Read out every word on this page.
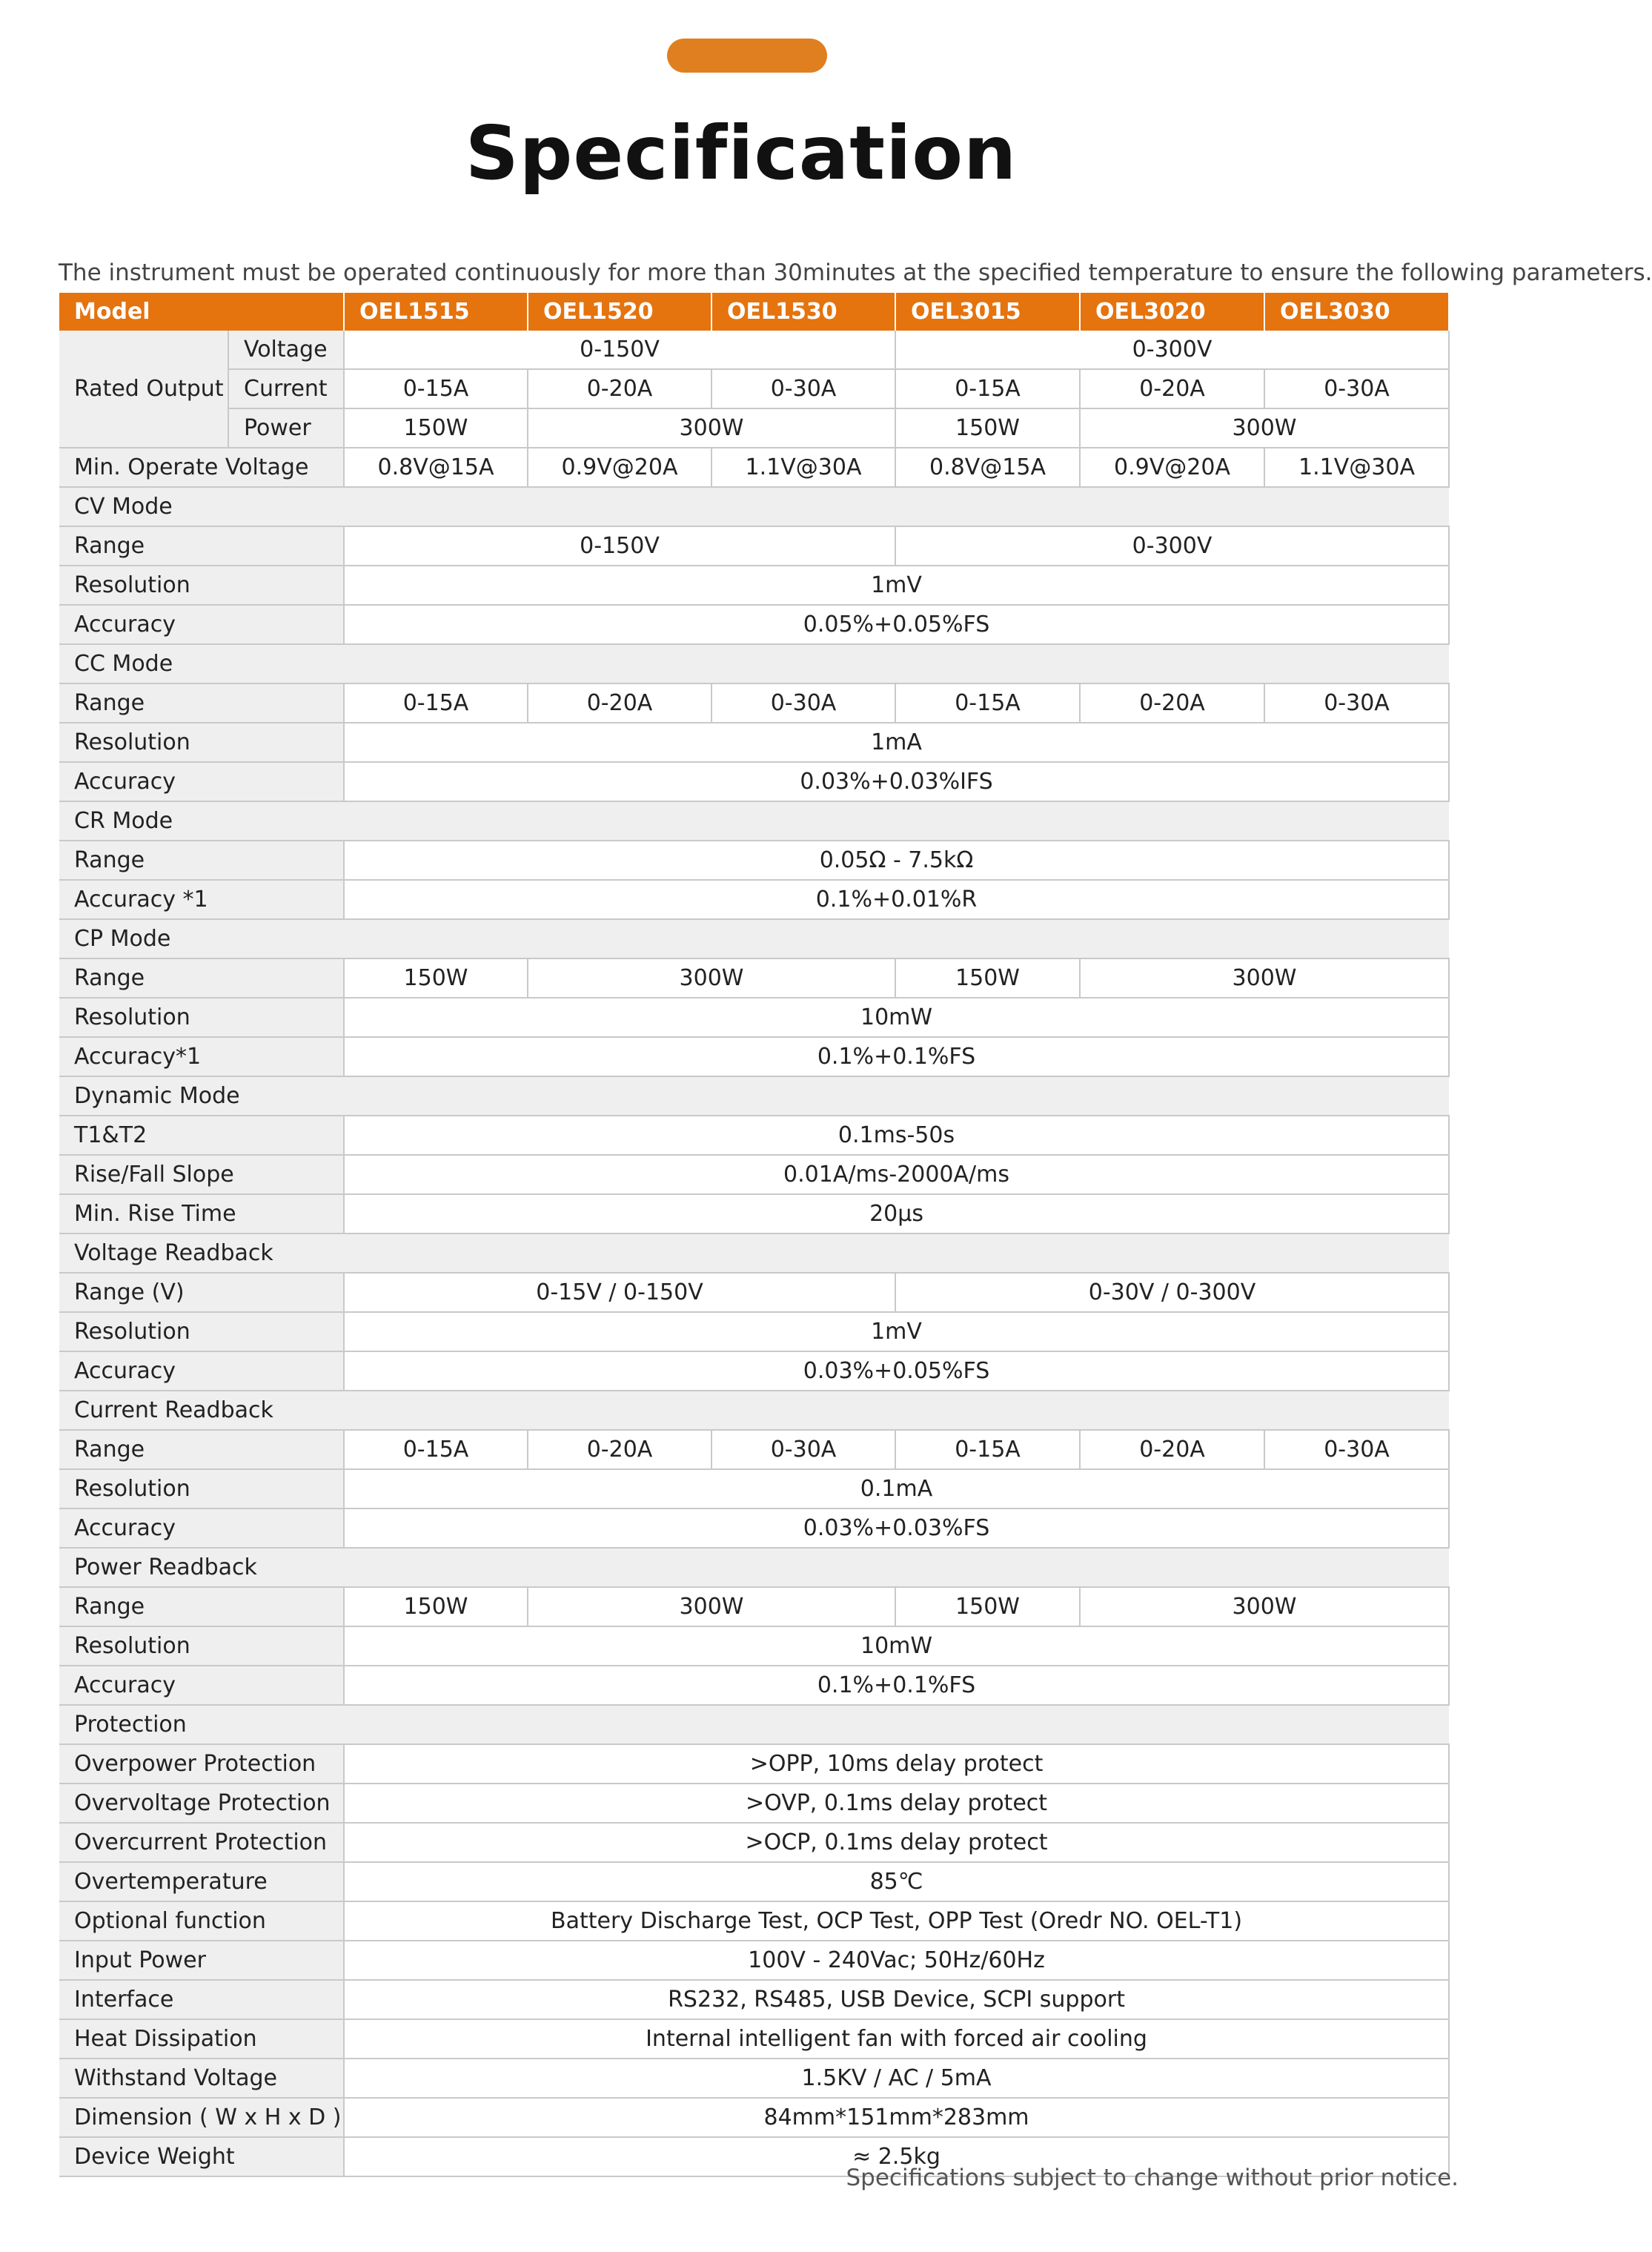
Specification
The instrument must be operated continuously for more than 30minutes at the specified temperature to ensure the following parameters.
Model		OEL1515	OEL1520	OEL1530	OEL3015	OEL3020	OEL3030
Rated Output	Voltage	0-150V			0-300V		
	Current	0-15A	0-20A	0-30A	0-15A	0-20A	0-30A
	Power	150W	300W		150W	300W	
Min. Operate Voltage		0.8V@15A	0.9V@20A	1.1V@30A	0.8V@15A	0.9V@20A	1.1V@30A
CV Mode							
Range		0-150V			0-300V		
Resolution		1mV					
Accuracy		0.05%+0.05%FS					
CC Mode							
Range		0-15A	0-20A	0-30A	0-15A	0-20A	0-30A
Resolution		1mA					
Accuracy		0.03%+0.03%IFS					
CR Mode							
Range		0.05Ω - 7.5kΩ					
Accuracy *1		0.1%+0.01%R					
CP Mode							
Range		150W	300W		150W	300W	
Resolution		10mW					
Accuracy*1		0.1%+0.1%FS					
Dynamic Mode							
T1&T2		0.1ms-50s					
Rise/Fall Slope		0.01A/ms-2000A/ms					
Min. Rise Time		20μs					
Voltage Readback							
Range (V)		0-15V / 0-150V			0-30V / 0-300V		
Resolution		1mV					
Accuracy		0.03%+0.05%FS					
Current Readback							
Range		0-15A	0-20A	0-30A	0-15A	0-20A	0-30A
Resolution		0.1mA					
Accuracy		0.03%+0.03%FS					
Power Readback							
Range		150W	300W		150W	300W	
Resolution		10mW					
Accuracy		0.1%+0.1%FS					
Protection							
Overpower Protection		>OPP, 10ms delay protect					
Overvoltage Protection		>OVP, 0.1ms delay protect					
Overcurrent Protection		>OCP, 0.1ms delay protect					
Overtemperature		85℃					
Optional function		Battery Discharge Test, OCP Test, OPP Test (Oredr NO. OEL-T1)					
Input Power		100V - 240Vac; 50Hz/60Hz					
Interface		RS232, RS485, USB Device, SCPI support					
Heat Dissipation		Internal intelligent fan with forced air cooling					
Withstand Voltage		1.5KV / AC / 5mA					
Dimension ( W x H x D )		84mm*151mm*283mm					
Device Weight		≈ 2.5kg					
Specifications subject to change without prior notice.
